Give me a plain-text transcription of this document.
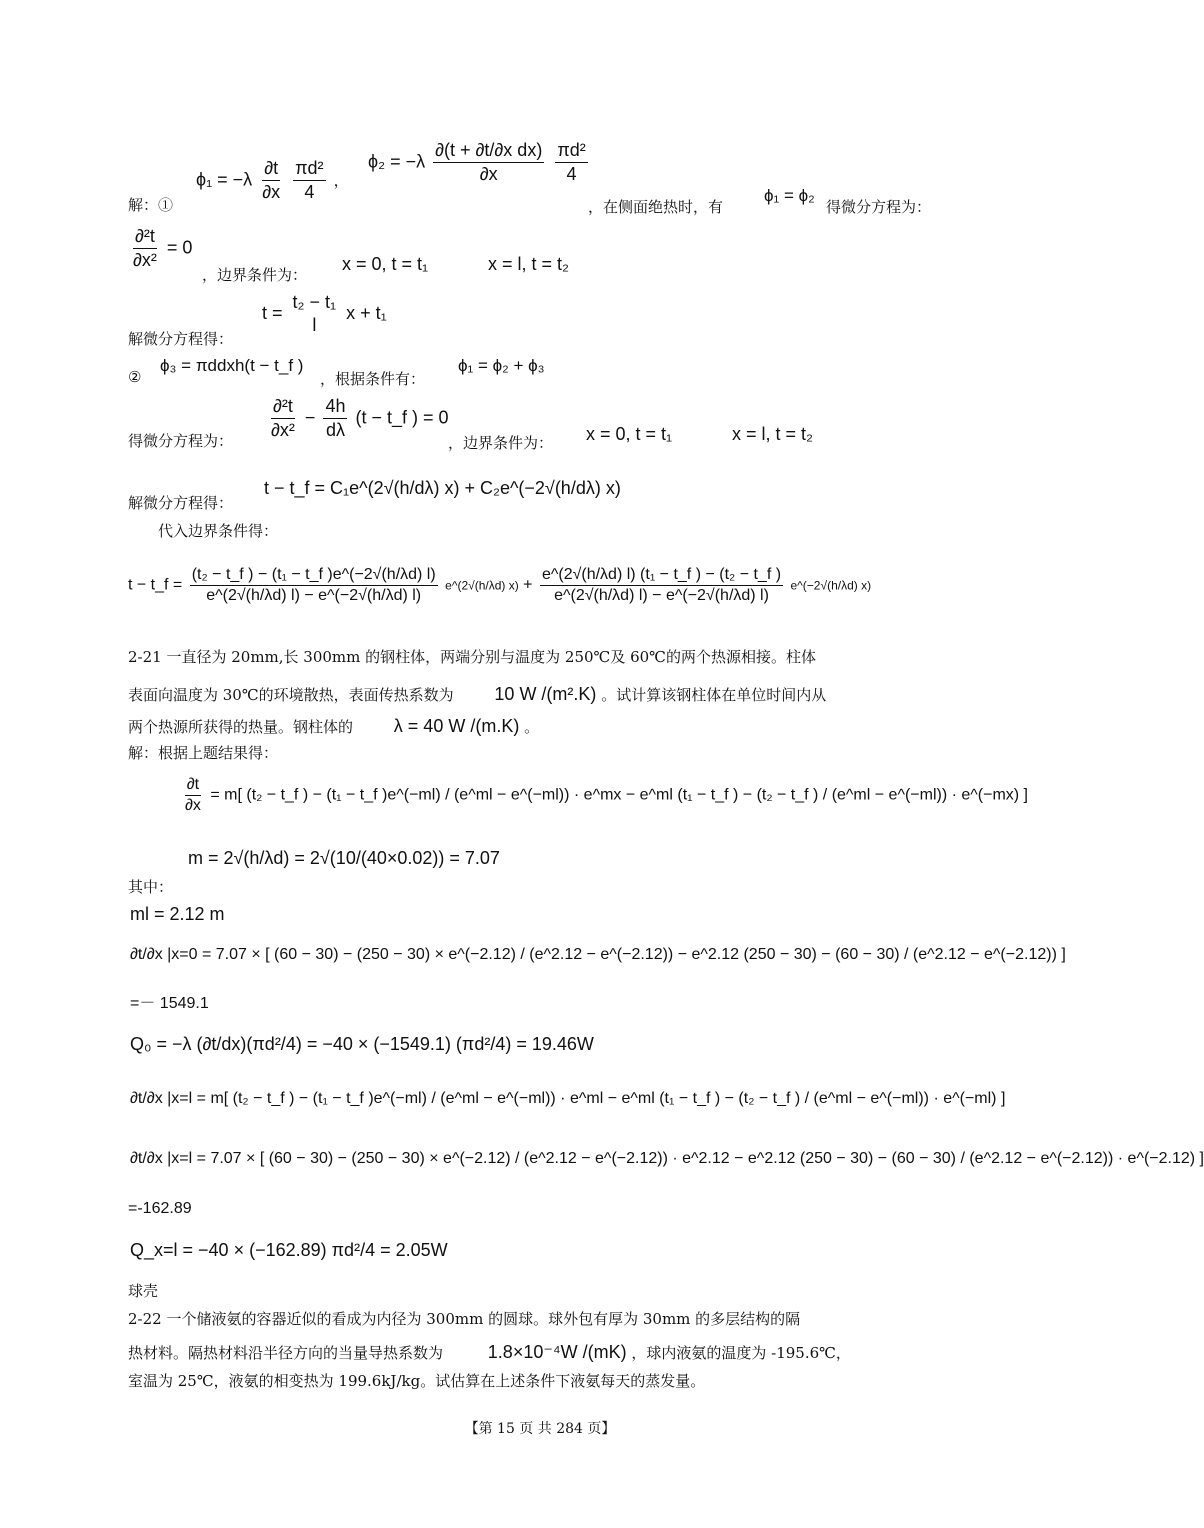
解：①
$\phi_1 = -\lambda \frac{\partial t}{\partial x}$
$\frac{\text{πd²}}{4}$ ，
$\phi_2 = -\lambda \frac{\text{∂(t + ∂t/∂x dx)}}{\partial x}$
$\frac{\text{πd²}}{4}$
，在侧面绝热时，有
ϕ₁ = ϕ₂
得微分方程为：
$\frac{\text{∂²t}}{\text{∂x²}} = 0$
，边界条件为：
x = 0, t = t₁	x = l, t = t₂
t =
t₂ − t₁
l
x + t₁
解微分方程得：
②
ϕ₃ = πddxh(t − t_f )
，根据条件有：
ϕ₁ = ϕ₂ + ϕ₃
得微分方程为： $\frac{\text{∂²t}}{\text{∂x²}} - \frac{4h}{d\lambda} (t$ − t_f ) = 0
，边界条件为： x = 0, t = t₁	x = l, t = t₂
解微分方程得：
t − t_f = C₁e^(2√(h/dλ) x) + C₂e^(−2√(h/dλ) x)
代入边界条件得：
t − t_f = $\frac{\text{(t₂ − t\_f ) − (t₁ − t\_f )e\textasciicircum{}(−2√(h/λd) l)}}{e\^{}(2√(h/\lambda d) l) - e\^{}(-2√(h/\lambda d) l)}$ e^(2√(h/λd) $x) + \frac{\text{e\textasciicircum{}(2√(h/λd) l) (t₁ − t\_f ) − (t₂ − t\_f )}}{e\^{}(2√(h/\lambda d) l) - e\^{}(-2√(h/\lambda d) l)}$ e^(−2√(h/λd) x)
2-21 一直径为 20mm,长 300mm 的钢柱体，两端分别与温度为 250℃及 60℃的两个热源相接。柱体
表面向温度为 30℃的环境散热，表面传热系数为 10 W /(m².K) 。试计算该钢柱体在单位时间内从
两个热源所获得的热量。钢柱体的 λ = 40 W /(m.K) 。
解：根据上题结果得：
$\frac{\partial t}{\partial x} = m$[ (t₂ − t_f ) − (t₁ − t_f )e^(−ml) / (e^ml − e^(−ml)) · e^mx − e^ml (t₁ − t_f ) − (t₂ − t_f ) / (e^ml − e^(−ml)) · e^(−mx) ]
其中：
m = 2√(h/λd) = 2√(10/(40×0.02)) = 7.07
ml = 2.12 m
∂t/∂x |x=0 = 7.07 × [ (60 − 30) − (250 − 30) × e^(−2.12) / (e^2.12 − e^(−2.12)) − e^2.12 (250 − 30) − (60 − 30) / (e^2.12 − e^(−2.12)) ]
=－ 1549.1
Q₀ = −λ (∂t/dx)(πd²/4) = −40 × (−1549.1) (πd²/4) = 19.46W
∂t/∂x |x=l = m[ (t₂ − t_f ) − (t₁ − t_f )e^(−ml) / (e^ml − e^(−ml)) · e^ml − e^ml (t₁ − t_f ) − (t₂ − t_f ) / (e^ml − e^(−ml)) · e^(−ml) ]
∂t/∂x |x=l = 7.07 × [ (60 − 30) − (250 − 30) × e^(−2.12) / (e^2.12 − e^(−2.12)) · e^2.12 − e^2.12 (250 − 30) − (60 − 30) / (e^2.12 − e^(−2.12)) · e^(−2.12) ]
=-162.89
Q_x=l = −40 × (−162.89) πd²/4 = 2.05W
球壳
2-22 一个储液氨的容器近似的看成为内径为 300mm 的圆球。球外包有厚为 30mm 的多层结构的隔
热材料。隔热材料沿半径方向的当量导热系数为 1.8×10⁻⁴W /(mK) ，球内液氨的温度为 -195.6℃，
室温为 25℃，液氨的相变热为 199.6kJ/kg。试估算在上述条件下液氨每天的蒸发量。
【第 15 页 共 284 页】
